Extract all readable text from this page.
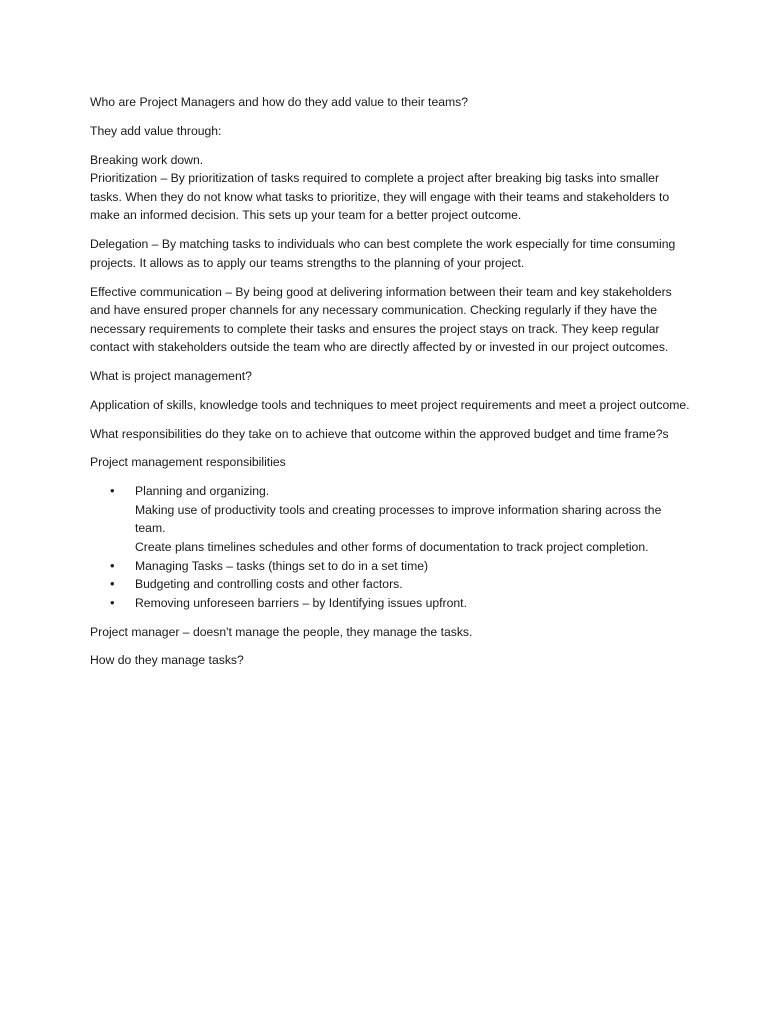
Who are Project Managers and how do they add value to their teams?

They add value through:

Breaking work down.
Prioritization – By prioritization of tasks required to complete a project after breaking big tasks into smaller tasks. When they do not know what tasks to prioritize, they will engage with their teams and stakeholders to make an informed decision. This sets up your team for a better project outcome.

Delegation – By matching tasks to individuals who can best complete the work especially for time consuming projects. It allows as to apply our teams strengths to the planning of your project.

Effective communication – By being good at delivering information between their team and key stakeholders and have ensured proper channels for any necessary communication. Checking regularly if they have the necessary requirements to complete their tasks and ensures the project stays on track. They keep regular contact with stakeholders outside the team who are directly affected by or invested in our project outcomes.

What is project management?

Application of skills, knowledge tools and techniques to meet project requirements and meet a project outcome.

What responsibilities do they take on to achieve that outcome within the approved budget and time frame?s

Project management responsibilities

• Planning and organizing.
Making use of productivity tools and creating processes to improve information sharing across the team.
Create plans timelines schedules and other forms of documentation to track project completion.
• Managing Tasks – tasks (things set to do in a set time)
• Budgeting and controlling costs and other factors.
• Removing unforeseen barriers – by Identifying issues upfront.

Project manager – doesn't manage the people, they manage the tasks.

How do they manage tasks?
